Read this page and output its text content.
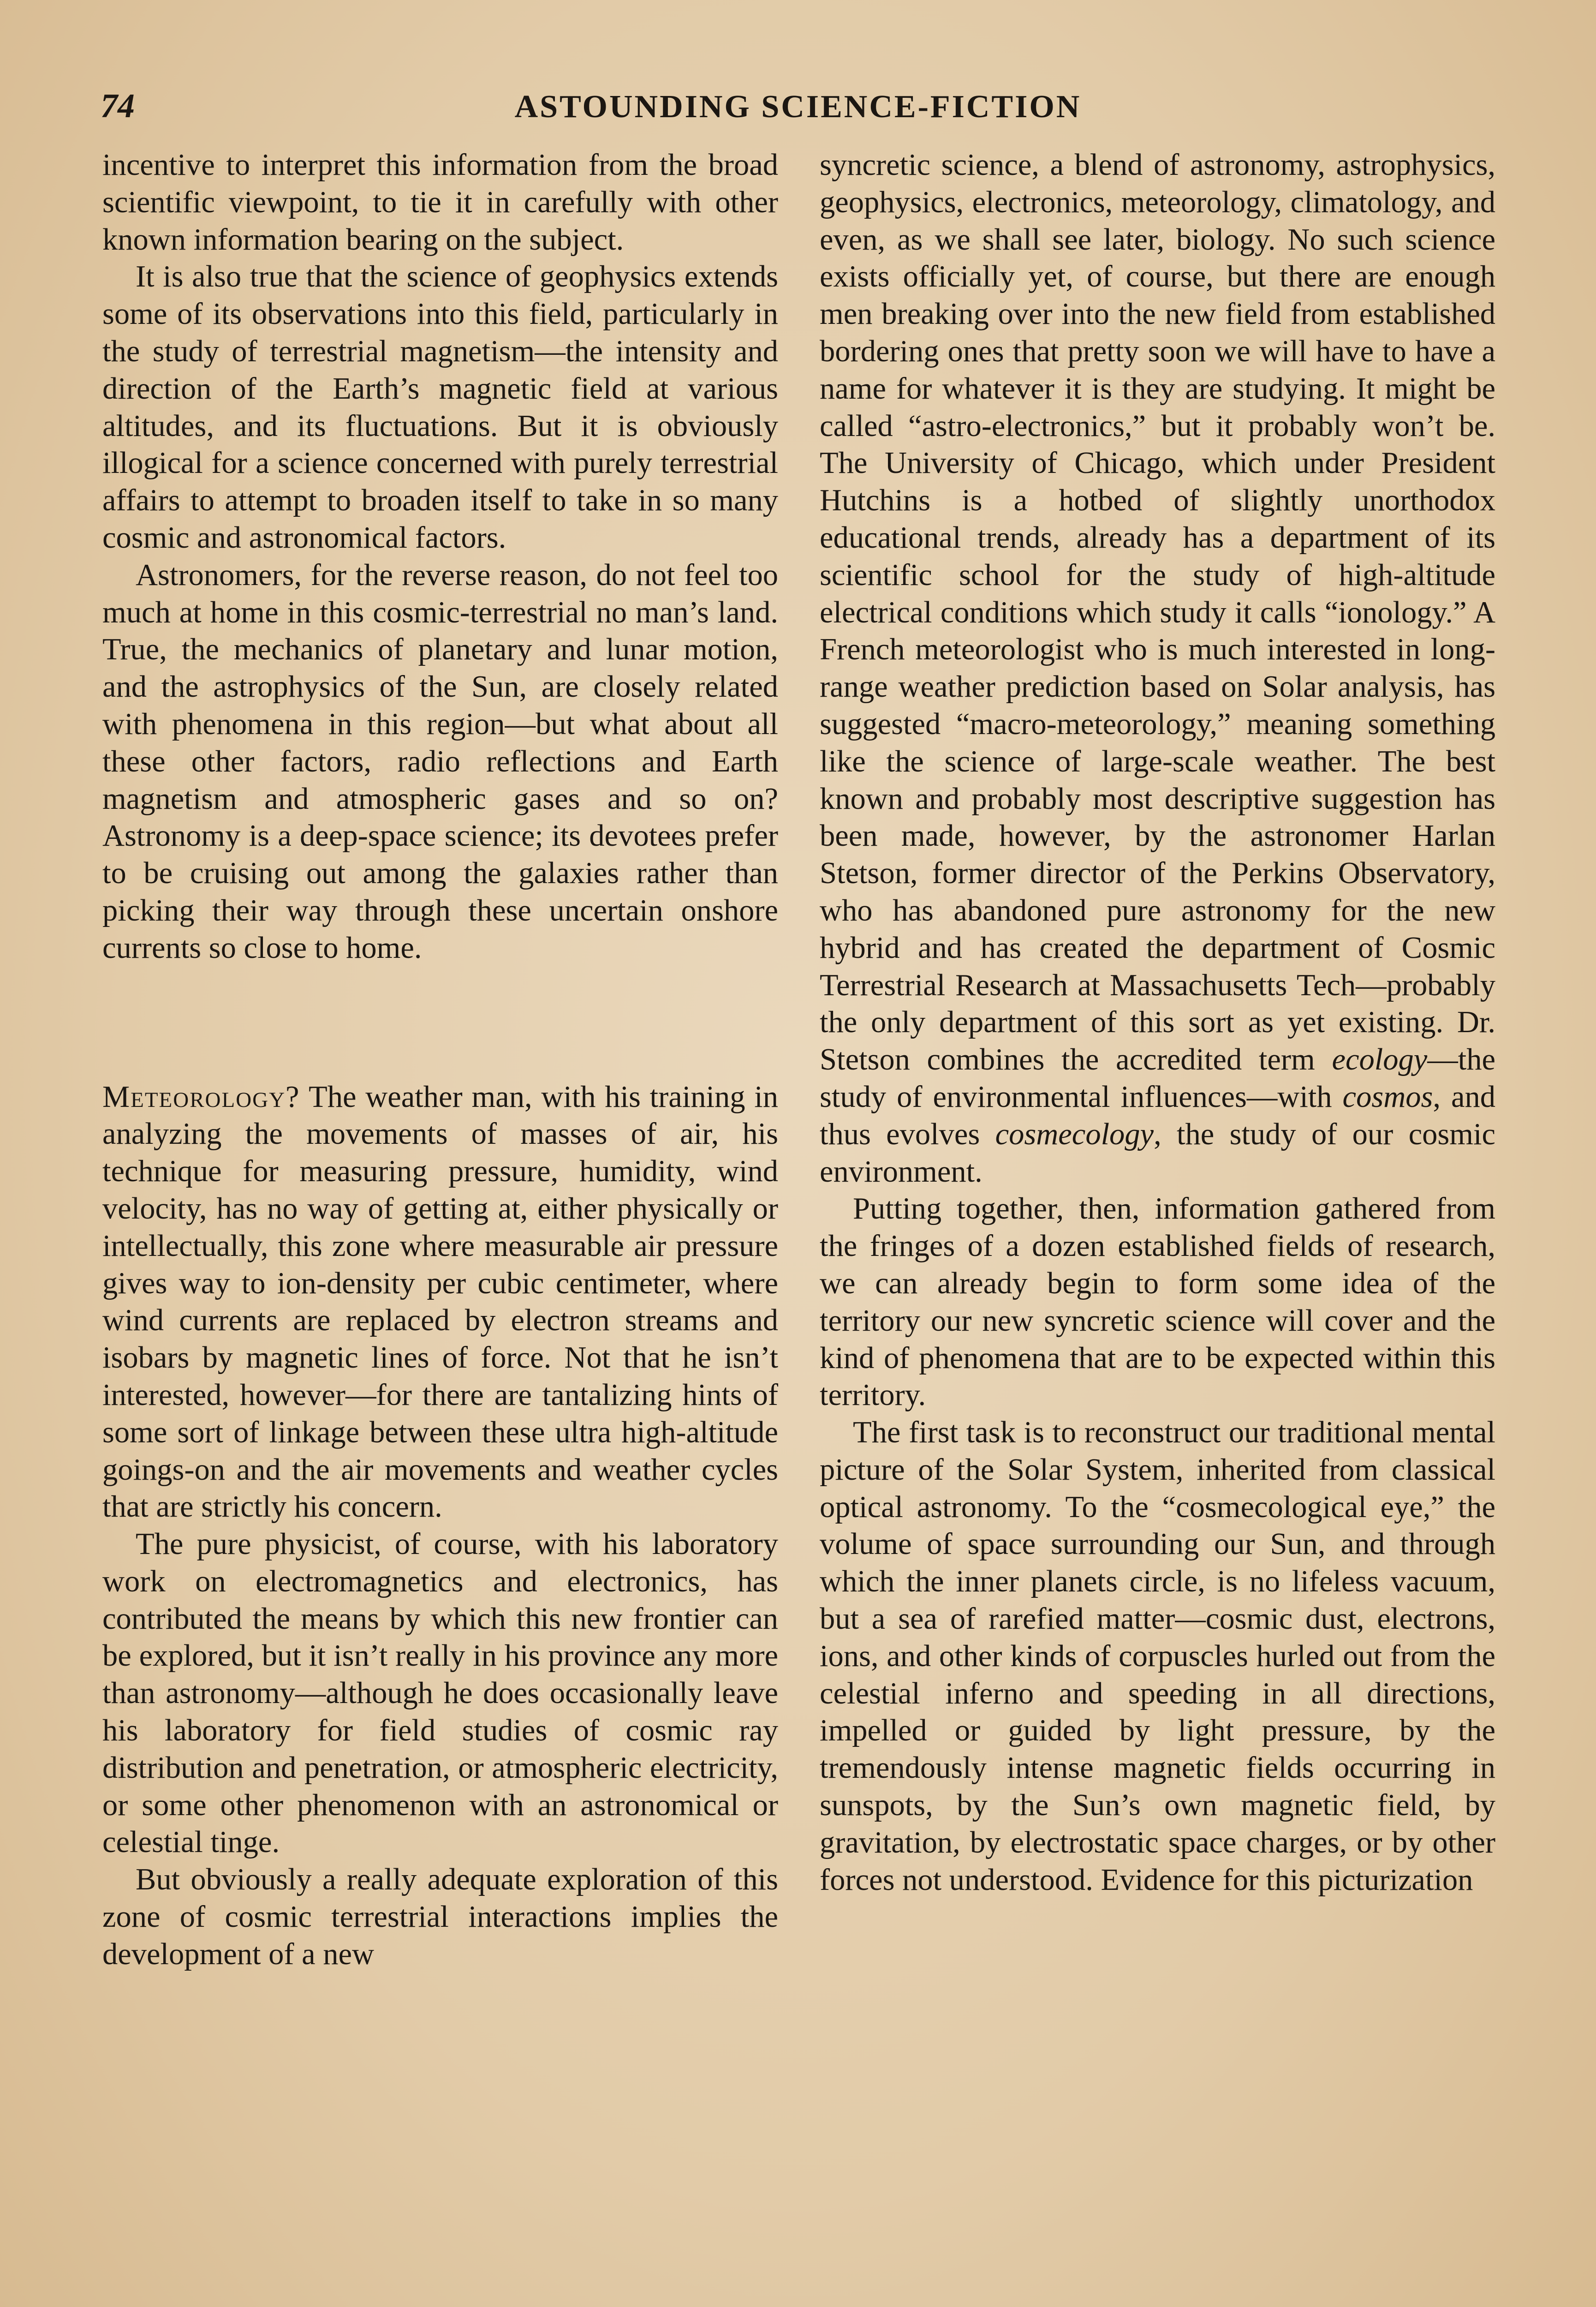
74	ASTOUNDING SCIENCE-FICTION

incentive to interpret this information from the broad scientific viewpoint, to tie it in carefully with other known information bearing on the subject.

It is also true that the science of geophysics extends some of its observations into this field, particularly in the study of terrestrial magnetism—the intensity and direction of the Earth’s magnetic field at various altitudes, and its fluctuations. But it is obviously illogical for a science concerned with purely terrestrial affairs to attempt to broaden itself to take in so many cosmic and astronomical factors.

Astronomers, for the reverse reason, do not feel too much at home in this cosmic-terrestrial no man’s land. True, the mechanics of planetary and lunar motion, and the astrophysics of the Sun, are closely related with phenomena in this region—but what about all these other factors, radio reflections and Earth magnetism and atmospheric gases and so on? Astronomy is a deep-space science; its devotees prefer to be cruising out among the galaxies rather than picking their way through these uncertain onshore currents so close to home.

Meteorology? The weather man, with his training in analyzing the movements of masses of air, his technique for measuring pressure, humidity, wind velocity, has no way of getting at, either physically or intellectually, this zone where measurable air pressure gives way to ion-density per cubic centimeter, where wind currents are replaced by electron streams and isobars by magnetic lines of force. Not that he isn’t interested, however—for there are tantalizing hints of some sort of linkage between these ultra high-altitude goings-on and the air movements and weather cycles that are strictly his concern.

The pure physicist, of course, with his laboratory work on electromagnetics and electronics, has contributed the means by which this new frontier can be explored, but it isn’t really in his province any more than astronomy—although he does occasionally leave his laboratory for field studies of cosmic ray distribution and penetration, or atmospheric electricity, or some other phenomenon with an astronomical or celestial tinge.

But obviously a really adequate exploration of this zone of cosmic terrestrial interactions implies the development of a new

syncretic science, a blend of astronomy, astrophysics, geophysics, electronics, meteorology, climatology, and even, as we shall see later, biology. No such science exists officially yet, of course, but there are enough men breaking over into the new field from established bordering ones that pretty soon we will have to have a name for whatever it is they are studying. It might be called “astro-electronics,” but it probably won’t be. The University of Chicago, which under President Hutchins is a hotbed of slightly unorthodox educational trends, already has a department of its scientific school for the study of high-altitude electrical conditions which study it calls “ionology.” A French meteorologist who is much interested in long-range weather prediction based on Solar analysis, has suggested “macro-meteorology,” meaning something like the science of large-scale weather. The best known and probably most descriptive suggestion has been made, however, by the astronomer Harlan Stetson, former director of the Perkins Observatory, who has abandoned pure astronomy for the new hybrid and has created the department of Cosmic Terrestrial Research at Massachusetts Tech—probably the only department of this sort as yet existing. Dr. Stetson combines the accredited term ecology—the study of environmental influences—with cosmos, and thus evolves cosmecology, the study of our cosmic environment.

Putting together, then, information gathered from the fringes of a dozen established fields of research, we can already begin to form some idea of the territory our new syncretic science will cover and the kind of phenomena that are to be expected within this territory.

The first task is to reconstruct our traditional mental picture of the Solar System, inherited from classical optical astronomy. To the “cosmecological eye,” the volume of space surrounding our Sun, and through which the inner planets circle, is no lifeless vacuum, but a sea of rarefied matter—cosmic dust, electrons, ions, and other kinds of corpuscles hurled out from the celestial inferno and speeding in all directions, impelled or guided by light pressure, by the tremendously intense magnetic fields occurring in sunspots, by the Sun’s own magnetic field, by gravitation, by electrostatic space charges, or by other forces not understood. Evidence for this picturization
